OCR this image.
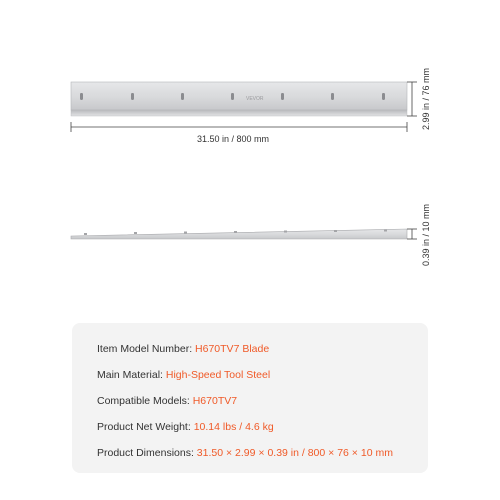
VEVOR
31.50 in / 800 mm
2.99 in / 76 mm
0.39 in / 10 mm
Item Model Number: H670TV7 Blade
Main Material: High-Speed Tool Steel
Compatible Models: H670TV7
Product Net Weight: 10.14 lbs / 4.6 kg
Product Dimensions: 31.50 × 2.99 × 0.39 in / 800 × 76 × 10 mm
